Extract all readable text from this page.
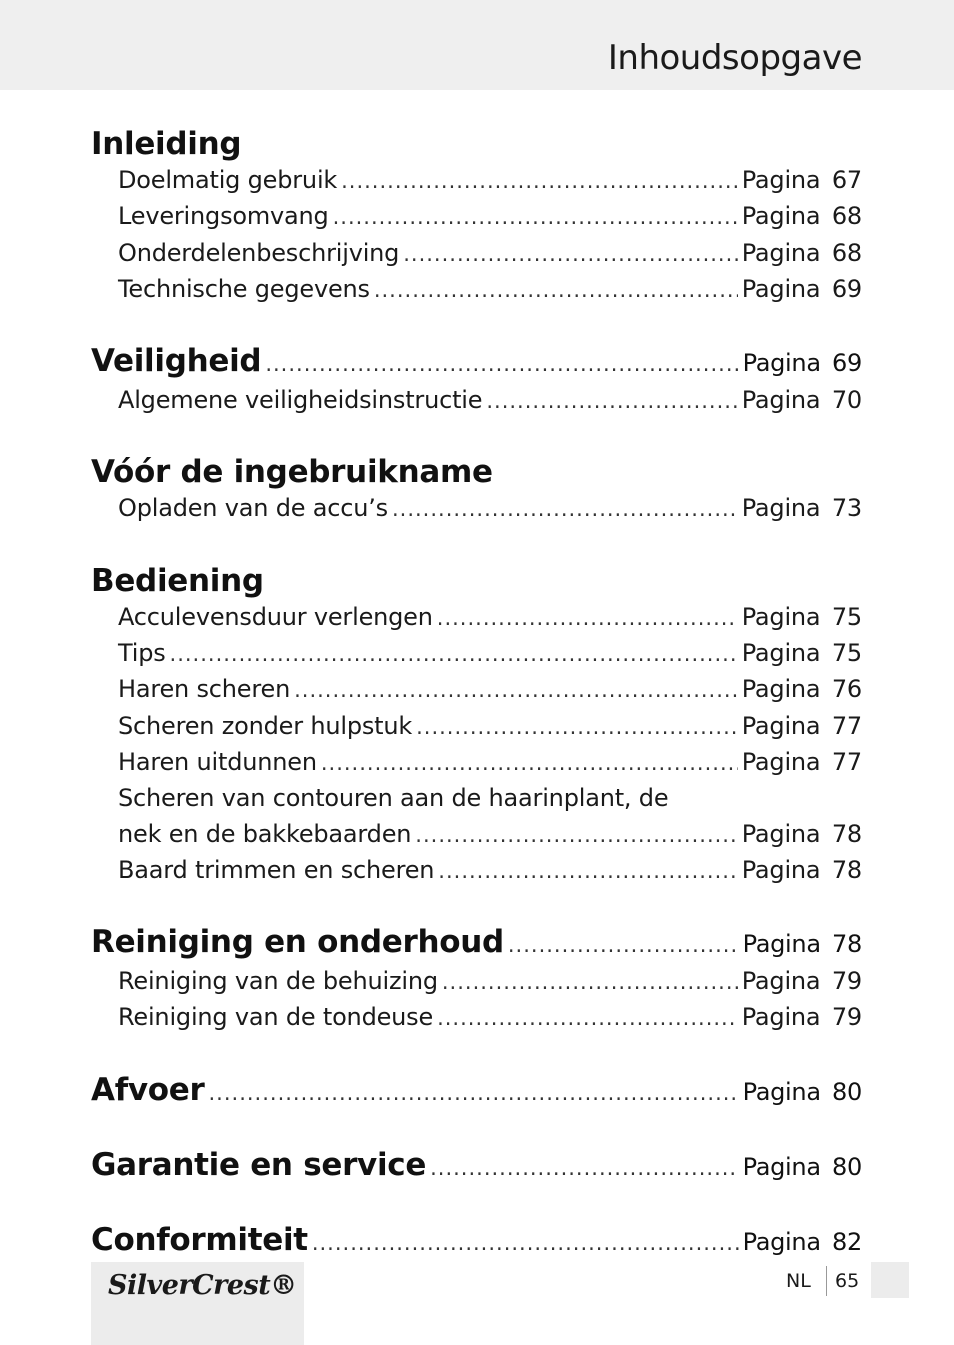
Inhoudsopgave
Inleiding
Doelmatig gebruik .....	Pagina 67
Leveringsomvang .....	Pagina 68
Onderdelenbeschrijving .....	Pagina 68
Technische gegevens .....	Pagina 69
Veiligheid .....	Pagina 69
Algemene veiligheidsinstructie .....	Pagina 70
Vóór de ingebruikname
Opladen van de accu’s .....	Pagina 73
Bediening
Acculevensduur verlengen .....	Pagina 75
Tips .....	Pagina 75
Haren scheren .....	Pagina 76
Scheren zonder hulpstuk .....	Pagina 77
Haren uitdunnen .....	Pagina 77
Scheren van contouren aan de haarinplant, de
nek en de bakkebaarden .....	Pagina 78
Baard trimmen en scheren .....	Pagina 78
Reiniging en onderhoud .....	Pagina 78
Reiniging van de behuizing .....	Pagina 79
Reiniging van de tondeuse .....	Pagina 79
Afvoer .....	Pagina 80
Garantie en service .....	Pagina 80
Conformiteit .....	Pagina 82
SilverCrest®	NL 65
